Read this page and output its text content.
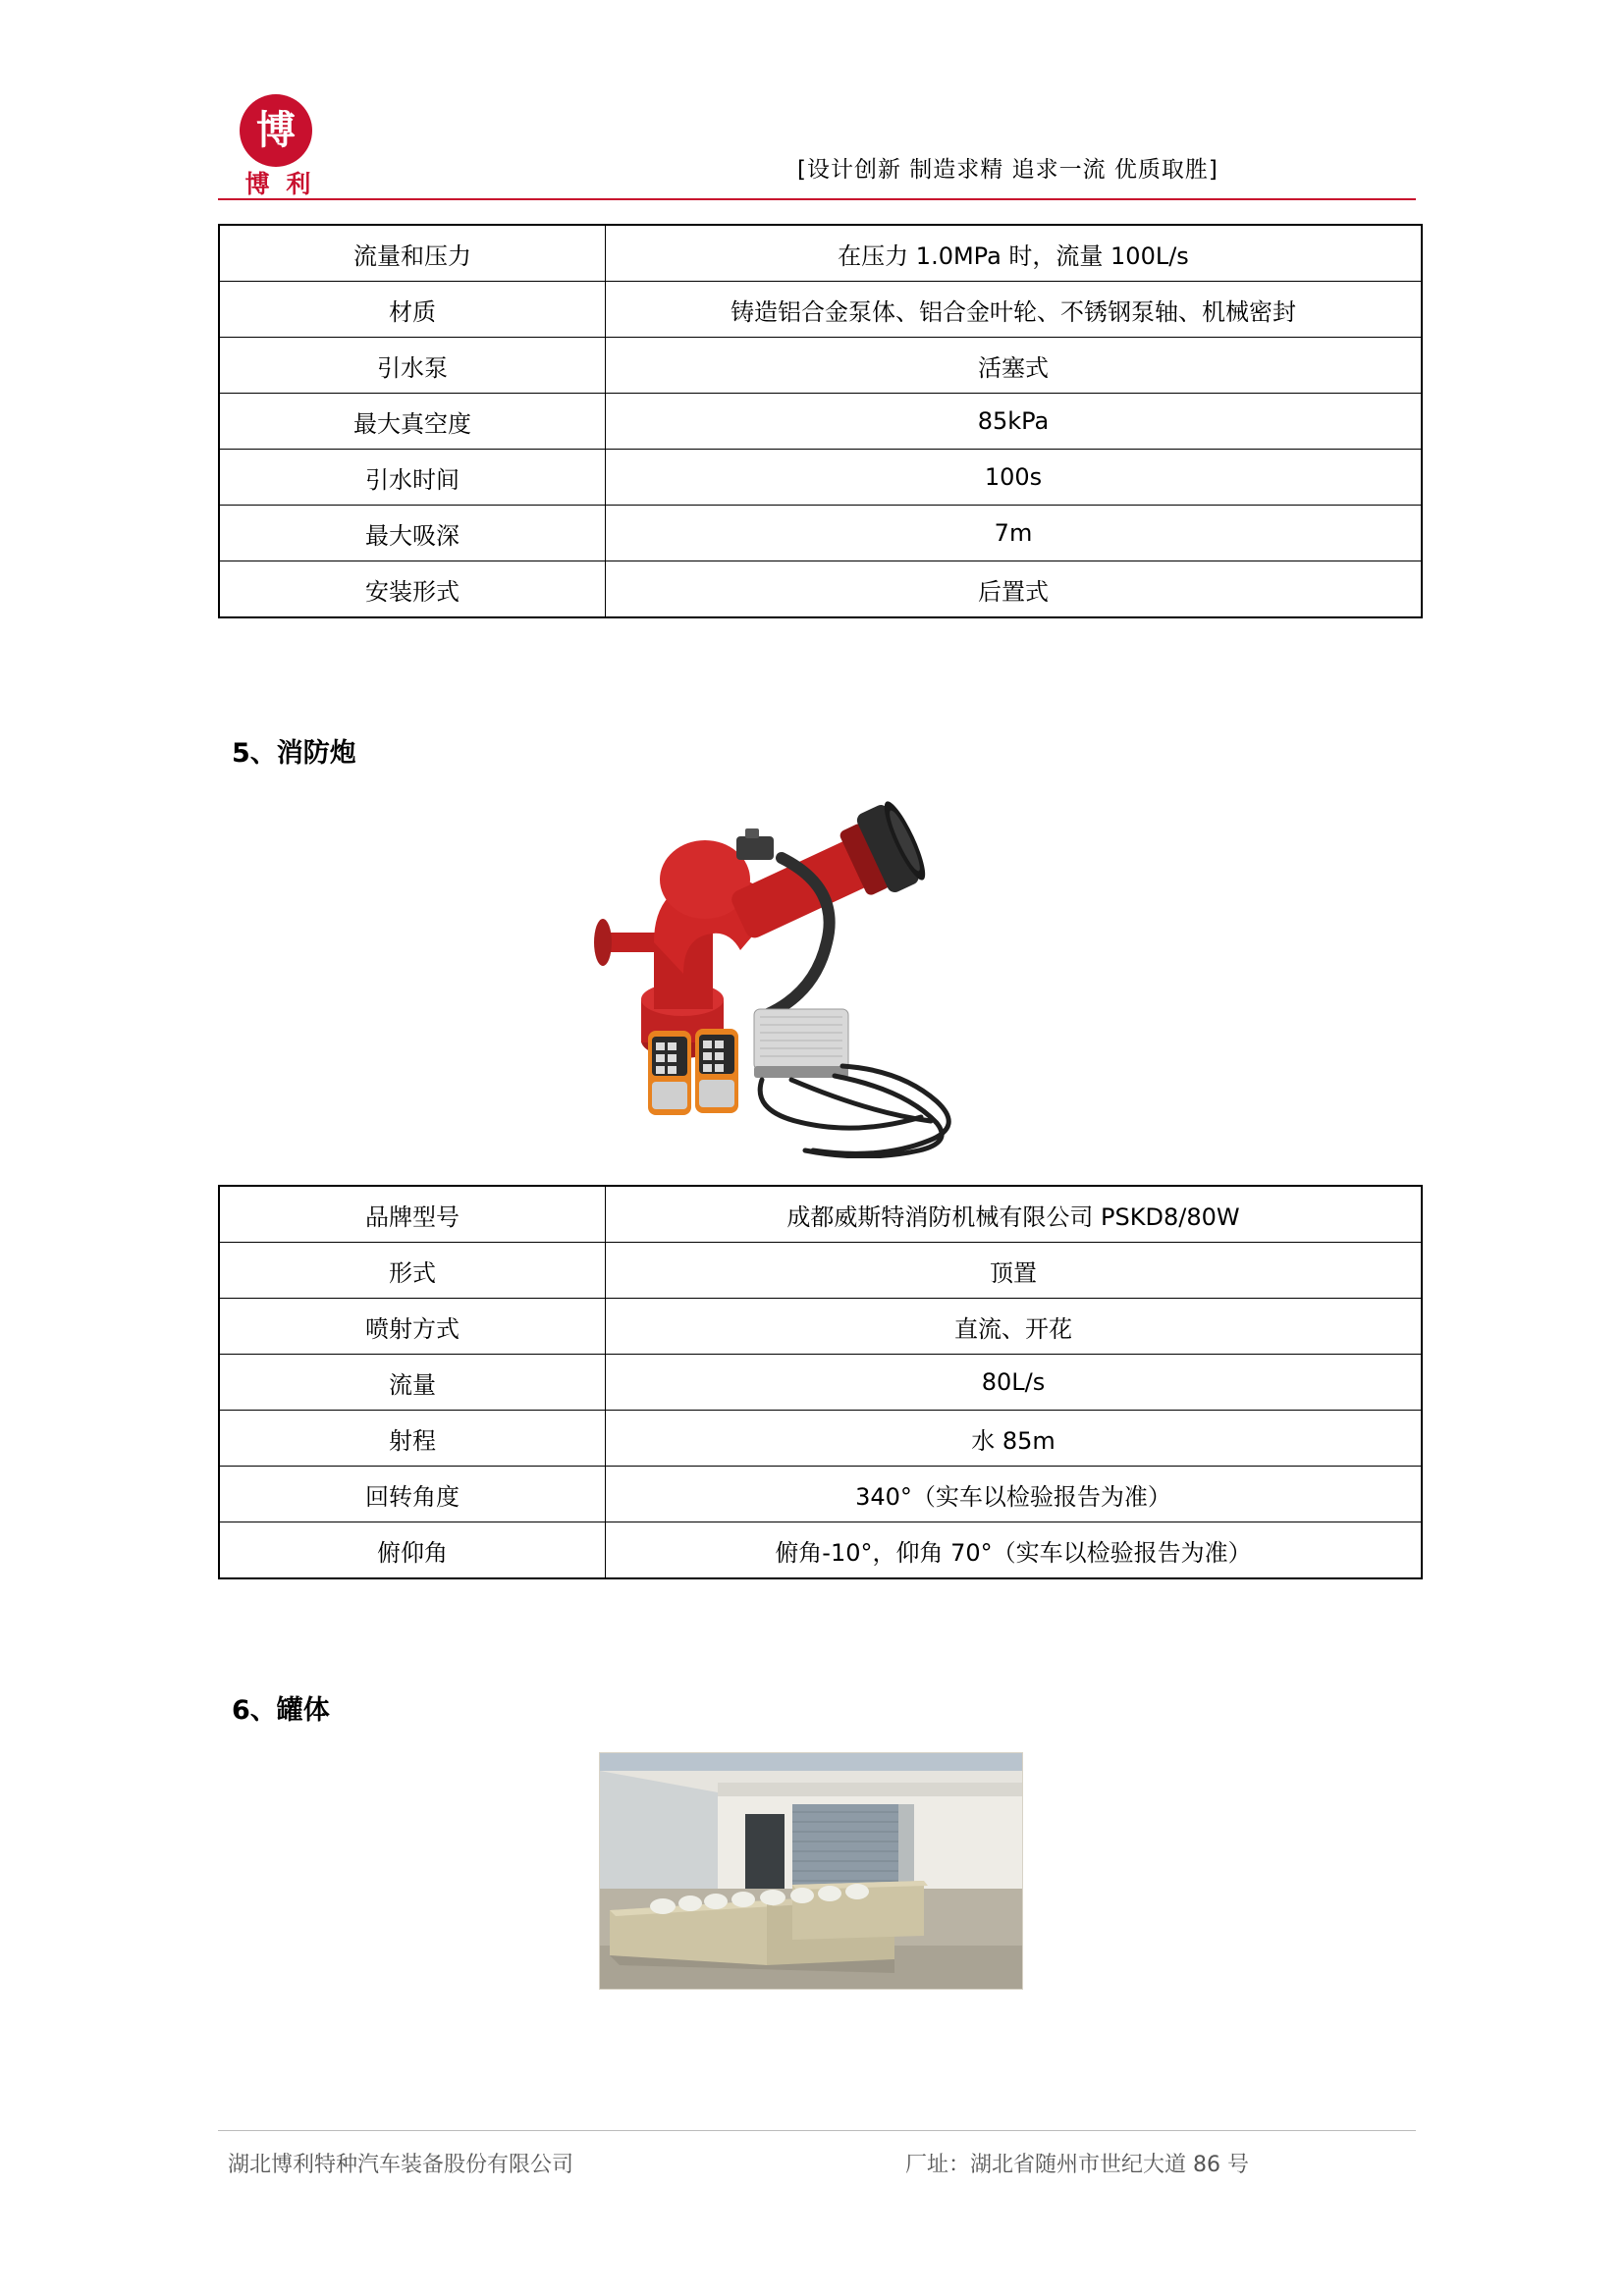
博
博 利	[设计创新 制造求精 追求一流 优质取胜]
流量和压力	在压力 1.0MPa 时，流量 100L/s
材质	铸造铝合金泵体、铝合金叶轮、不锈钢泵轴、机械密封
引水泵	活塞式
最大真空度	85kPa
引水时间	100s
最大吸深	7m
安装形式	后置式
5、消防炮
品牌型号	成都威斯特消防机械有限公司 PSKD8/80W
形式	顶置
喷射方式	直流、开花
流量	80L/s
射程	水 85m
回转角度	340°（实车以检验报告为准）
俯仰角	俯角-10°，仰角 70°（实车以检验报告为准）
6、罐体
湖北博利特种汽车装备股份有限公司	厂址：湖北省随州市世纪大道 86 号
